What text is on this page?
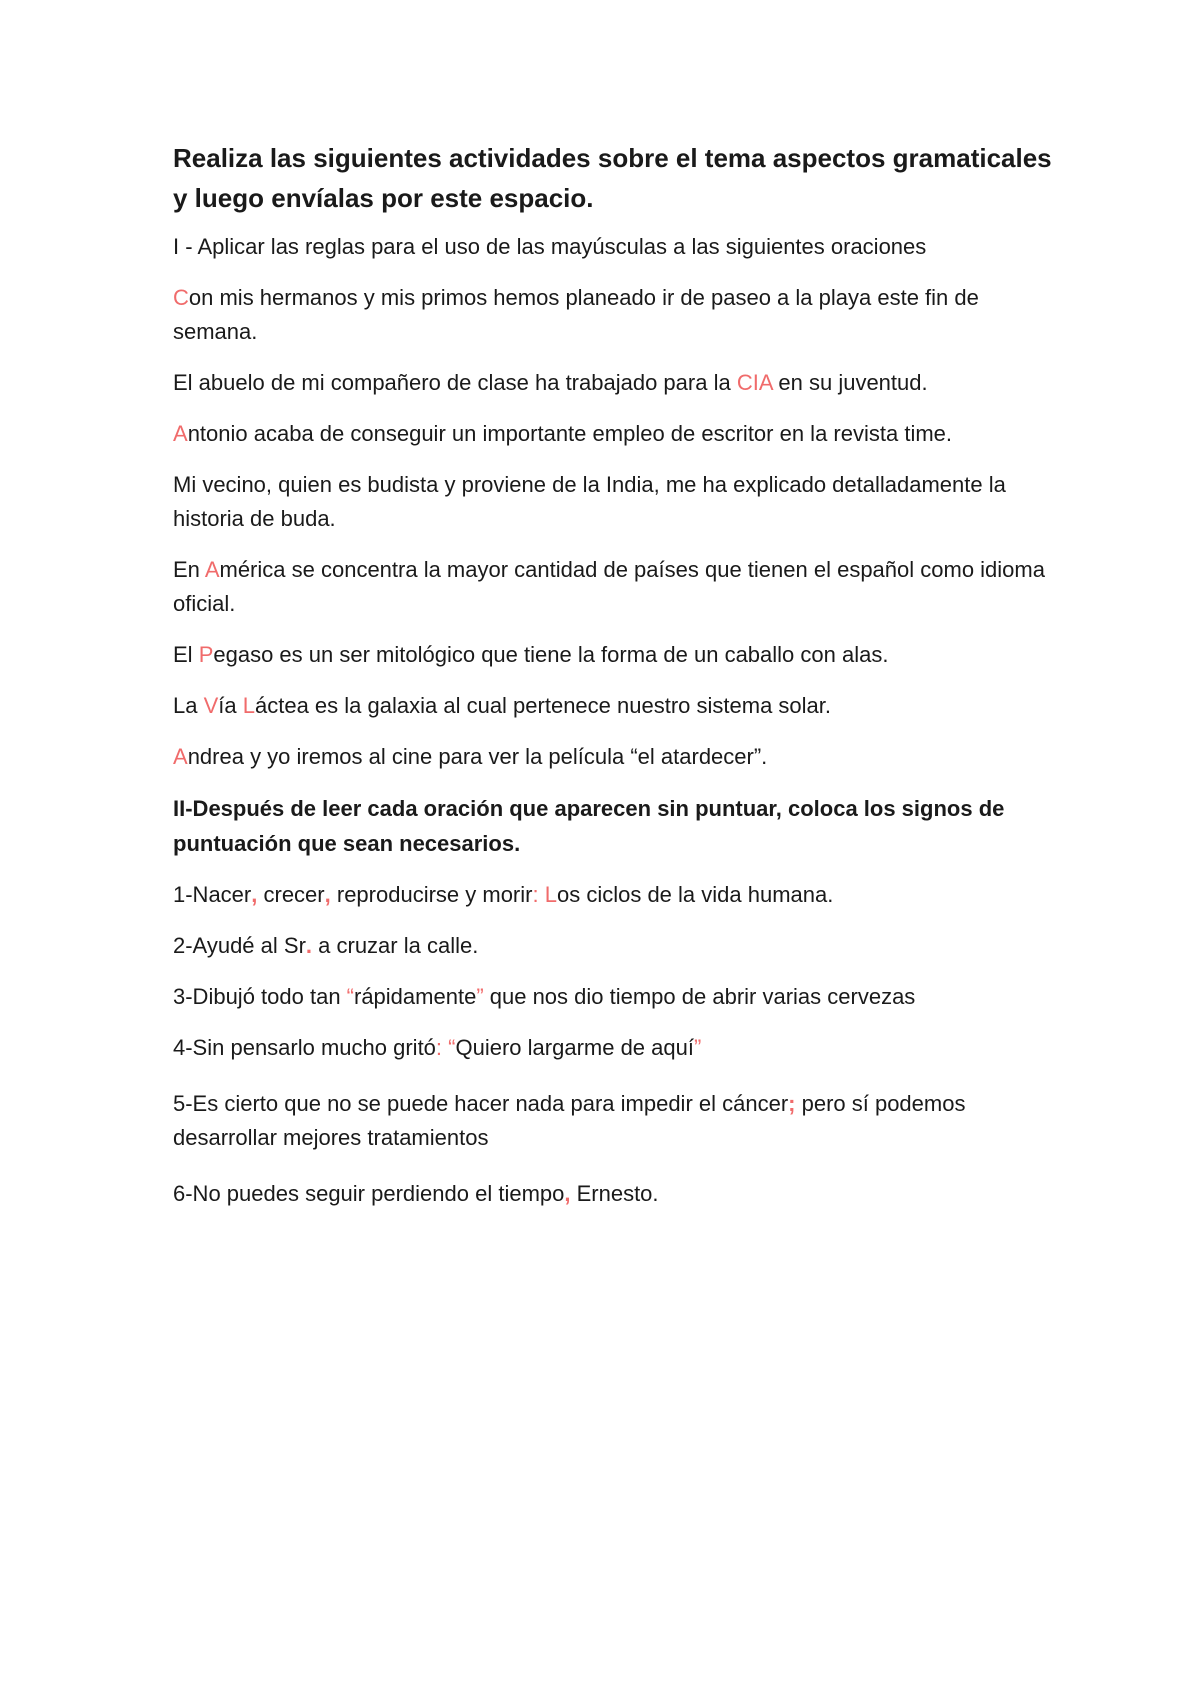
Realiza las siguientes actividades sobre el tema aspectos gramaticales y luego envíalas por este espacio.

I - Aplicar las reglas para el uso de las mayúsculas a las siguientes oraciones

Con mis hermanos y mis primos hemos planeado ir de paseo a la playa este fin de semana.

El abuelo de mi compañero de clase ha trabajado para la CIA en su juventud.

Antonio acaba de conseguir un importante empleo de escritor en la revista time.

Mi vecino, quien es budista y proviene de la India, me ha explicado detalladamente la historia de buda.

En América se concentra la mayor cantidad de países que tienen el español como idioma oficial.

El Pegaso es un ser mitológico que tiene la forma de un caballo con alas.

La Vía Láctea es la galaxia al cual pertenece nuestro sistema solar.

Andrea y yo iremos al cine para ver la película “el atardecer”.

II-Después de leer cada oración que aparecen sin puntuar, coloca los signos de puntuación que sean necesarios.

1-Nacer, crecer, reproducirse y morir: Los ciclos de la vida humana.

2-Ayudé al Sr. a cruzar la calle.

3-Dibujó todo tan “rápidamente” que nos dio tiempo de abrir varias cervezas

4-Sin pensarlo mucho gritó: “Quiero largarme de aquí”

5-Es cierto que no se puede hacer nada para impedir el cáncer; pero sí podemos desarrollar mejores tratamientos

6-No puedes seguir perdiendo el tiempo, Ernesto.
